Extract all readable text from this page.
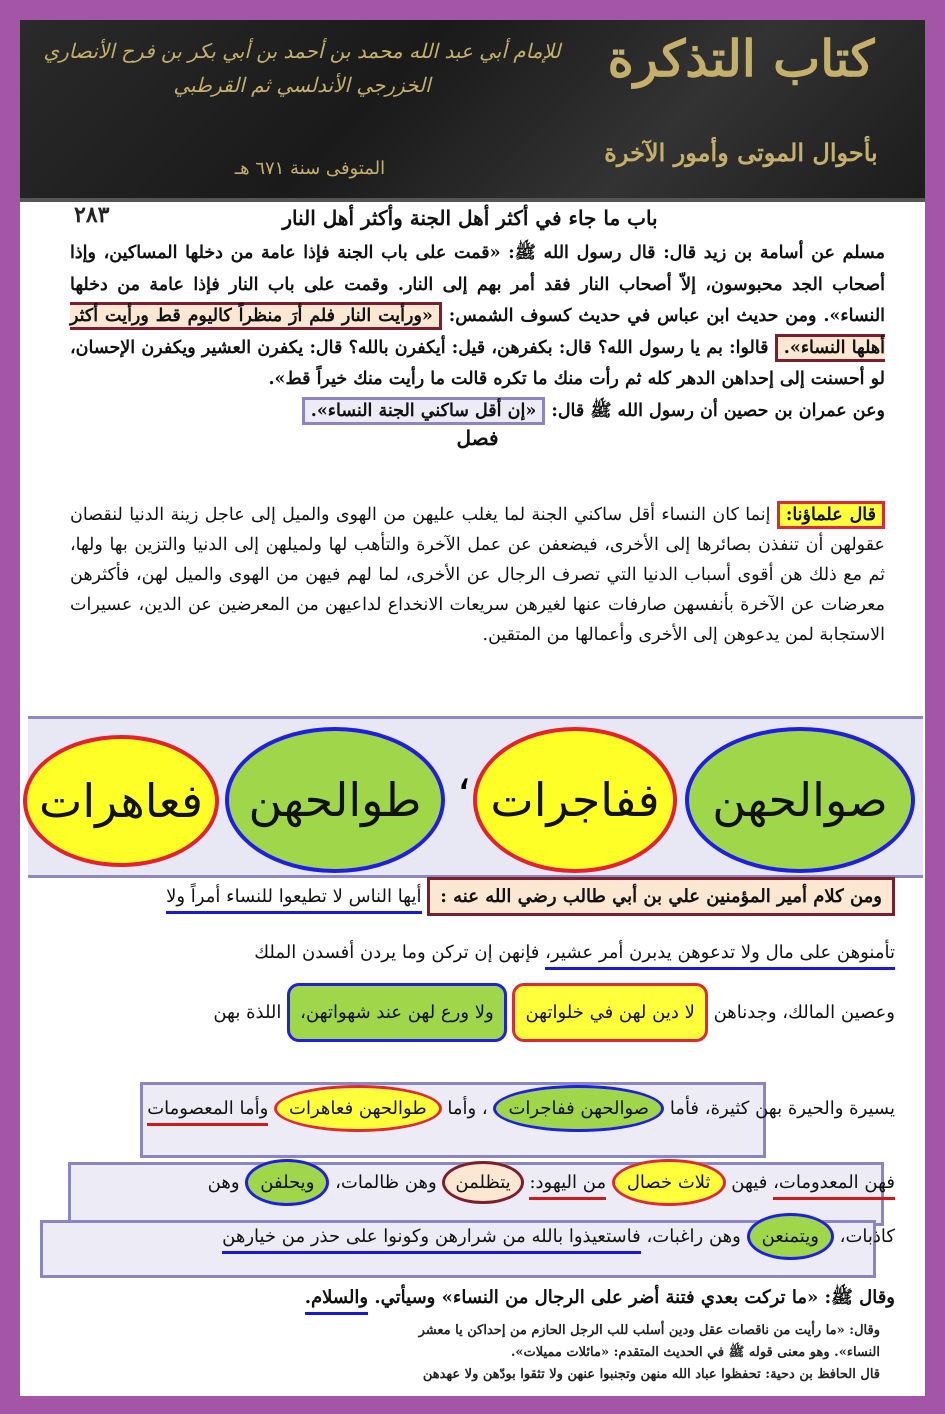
كتاب التذكرة
بأحوال الموتى وأمور الآخرة
للإمام أبي عبد الله محمد بن أحمد بن أبي بكر بن فرح الأنصاري
الخزرجي الأندلسي ثم القرطبي
المتوفى سنة ٦٧١ هـ
٢٨٣	باب ما جاء في أكثر أهل الجنة وأكثر أهل النار
مسلم عن أسامة بن زيد قال: قال رسول الله ﷺ: «قمت على باب الجنة فإذا عامة من دخلها المساكين، وإذا أصحاب الجد محبوسون، إلاّ أصحاب النار فقد أمر بهم إلى النار. وقمت على باب النار فإذا عامة من دخلها النساء». ومن حديث ابن عباس في حديث كسوف الشمس: «ورأيت النار فلم أرَ منظراً كاليوم قط ورأيت أكثر أهلها النساء». قالوا: بم يا رسول الله؟ قال: بكفرهن، قيل: أيكفرن بالله؟ قال: يكفرن العشير ويكفرن الإحسان، لو أحسنت إلى إحداهن الدهر كله ثم رأت منك ما تكره قالت ما رأيت منك خيراً قط».
وعن عمران بن حصين أن رسول الله ﷺ قال: «إن أقل ساكني الجنة النساء».
فصل
قال علماؤنا: إنما كان النساء أقل ساكني الجنة لما يغلب عليهن من الهوى والميل إلى عاجل زينة الدنيا لنقصان عقولهن أن تنفذن بصائرها إلى الأخرى، فيضعفن عن عمل الآخرة والتأهب لها ولميلهن إلى الدنيا والتزين بها ولها، ثم مع ذلك هن أقوى أسباب الدنيا التي تصرف الرجال عن الأخرى، لما لهم فيهن من الهوى والميل لهن، فأكثرهن معرضات عن الآخرة بأنفسهن صارفات عنها لغيرهن سريعات الانخداع لداعيهن من المعرضين عن الدين، عسيرات الاستجابة لمن يدعوهن إلى الأخرى وأعمالها من المتقين.
صوالحهن
ففاجرات
،
طوالحهن
فعاهرات
ومن كلام أمير المؤمنين علي بن أبي طالب رضي الله عنه : أيها الناس لا تطيعوا للنساء أمراً ولا
تأمنوهن على مال ولا تدعوهن يدبرن أمر عشير، فإنهن إن تركن وما يردن أفسدن الملك
وعصين المالك، وجدناهن لا دين لهن في خلواتهن ولا ورع لهن عند شهواتهن، اللذة بهن
يسيرة والحيرة بهن كثيرة، فأما صوالحهن ففاجرات ، وأما طوالحهن فعاهرات وأما المعصومات
فهن المعدومات، فيهن ثلاث خصال من اليهود: يتظلمن وهن ظالمات، ويحلفن وهن
كاذبات، ويتمنعن وهن راغبات، فاستعيذوا بالله من شرارهن وكونوا على حذر من خيارهن
وقال ﷺ: «ما تركت بعدي فتنة أضر على الرجال من النساء» وسيأتي. والسلام.
وقال: «ما رأيت من ناقصات عقل ودين أسلب للب الرجل الحازم من إحداكن يا معشر
النساء». وهو معنى قوله ﷺ في الحديث المتقدم: «مائلات مميلات».
قال الحافظ بن دحية: تحفظوا عباد الله منهن وتجنبوا عنهن ولا تثقوا بودّهن ولا عهدهن
